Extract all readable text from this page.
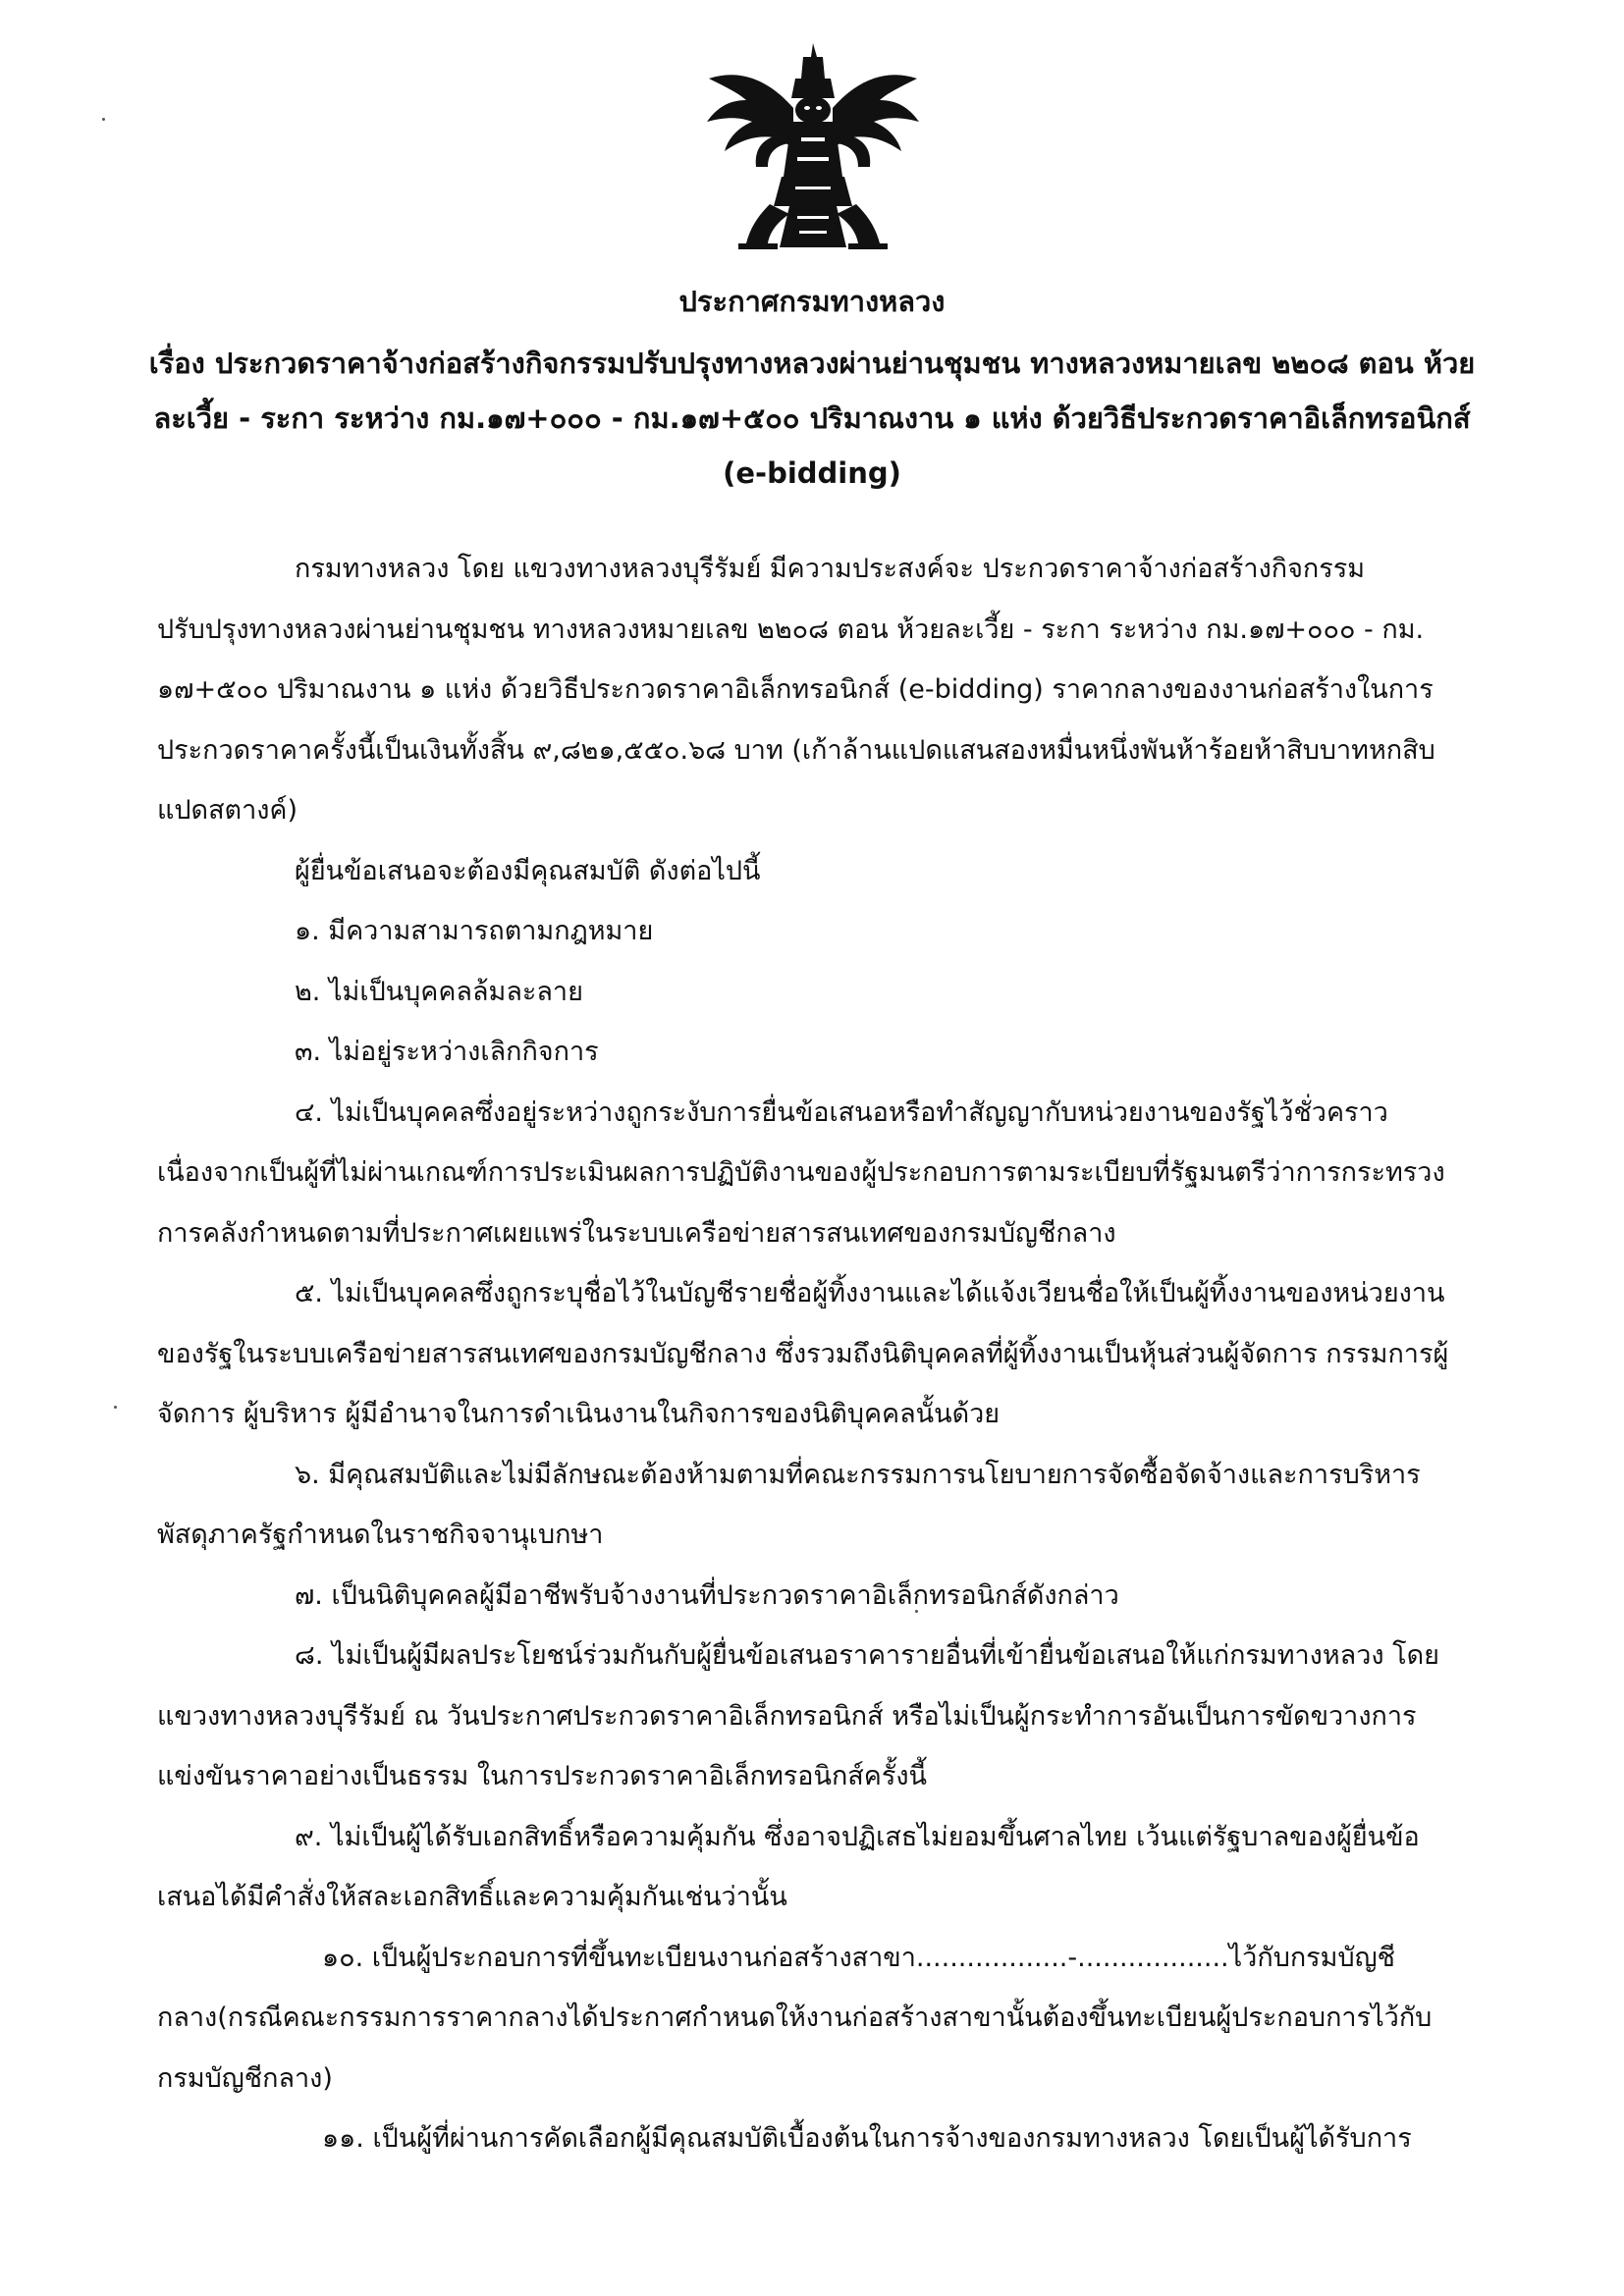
ประกาศกรมทางหลวง
เรื่อง ประกวดราคาจ้างก่อสร้างกิจกรรมปรับปรุงทางหลวงผ่านย่านชุมชน ทางหลวงหมายเลข ๒๒๐๘ ตอน ห้วย
ละเวี้ย - ระกา ระหว่าง กม.๑๗+๐๐๐ - กม.๑๗+๕๐๐ ปริมาณงาน ๑ แห่ง ด้วยวิธีประกวดราคาอิเล็กทรอนิกส์
(e-bidding)
กรมทางหลวง โดย แขวงทางหลวงบุรีรัมย์ มีความประสงค์จะ ประกวดราคาจ้างก่อสร้างกิจกรรม
ปรับปรุงทางหลวงผ่านย่านชุมชน ทางหลวงหมายเลข ๒๒๐๘ ตอน ห้วยละเวี้ย - ระกา ระหว่าง กม.๑๗+๐๐๐ - กม.
๑๗+๕๐๐ ปริมาณงาน ๑ แห่ง ด้วยวิธีประกวดราคาอิเล็กทรอนิกส์ (e-bidding) ราคากลางของงานก่อสร้างในการ
ประกวดราคาครั้งนี้เป็นเงินทั้งสิ้น ๙,๘๒๑,๕๕๐.๖๘ บาท (เก้าล้านแปดแสนสองหมื่นหนึ่งพันห้าร้อยห้าสิบบาทหกสิบ
แปดสตางค์)
ผู้ยื่นข้อเสนอจะต้องมีคุณสมบัติ ดังต่อไปนี้
๑. มีความสามารถตามกฎหมาย
๒. ไม่เป็นบุคคลล้มละลาย
๓. ไม่อยู่ระหว่างเลิกกิจการ
๔. ไม่เป็นบุคคลซึ่งอยู่ระหว่างถูกระงับการยื่นข้อเสนอหรือทำสัญญากับหน่วยงานของรัฐไว้ชั่วคราว
เนื่องจากเป็นผู้ที่ไม่ผ่านเกณฑ์การประเมินผลการปฏิบัติงานของผู้ประกอบการตามระเบียบที่รัฐมนตรีว่าการกระทรวง
การคลังกำหนดตามที่ประกาศเผยแพร่ในระบบเครือข่ายสารสนเทศของกรมบัญชีกลาง
๕. ไม่เป็นบุคคลซึ่งถูกระบุชื่อไว้ในบัญชีรายชื่อผู้ทิ้งงานและได้แจ้งเวียนชื่อให้เป็นผู้ทิ้งงานของหน่วยงาน
ของรัฐในระบบเครือข่ายสารสนเทศของกรมบัญชีกลาง ซึ่งรวมถึงนิติบุคคลที่ผู้ทิ้งงานเป็นหุ้นส่วนผู้จัดการ กรรมการผู้
จัดการ ผู้บริหาร ผู้มีอำนาจในการดำเนินงานในกิจการของนิติบุคคลนั้นด้วย
๖. มีคุณสมบัติและไม่มีลักษณะต้องห้ามตามที่คณะกรรมการนโยบายการจัดซื้อจัดจ้างและการบริหาร
พัสดุภาครัฐกำหนดในราชกิจจานุเบกษา
๗. เป็นนิติบุคคลผู้มีอาชีพรับจ้างงานที่ประกวดราคาอิเล็กทรอนิกส์ดังกล่าว
๘. ไม่เป็นผู้มีผลประโยชน์ร่วมกันกับผู้ยื่นข้อเสนอราคารายอื่นที่เข้ายื่นข้อเสนอให้แก่กรมทางหลวง โดย
แขวงทางหลวงบุรีรัมย์ ณ วันประกาศประกวดราคาอิเล็กทรอนิกส์ หรือไม่เป็นผู้กระทำการอันเป็นการขัดขวางการ
แข่งขันราคาอย่างเป็นธรรม ในการประกวดราคาอิเล็กทรอนิกส์ครั้งนี้
๙. ไม่เป็นผู้ได้รับเอกสิทธิ์หรือความคุ้มกัน ซึ่งอาจปฏิเสธไม่ยอมขึ้นศาลไทย เว้นแต่รัฐบาลของผู้ยื่นข้อ
เสนอได้มีคำสั่งให้สละเอกสิทธิ์และความคุ้มกันเช่นว่านั้น
๑๐. เป็นผู้ประกอบการที่ขึ้นทะเบียนงานก่อสร้างสาขา..................-..................ไว้กับกรมบัญชี
กลาง(กรณีคณะกรรมการราคากลางได้ประกาศกำหนดให้งานก่อสร้างสาขานั้นต้องขึ้นทะเบียนผู้ประกอบการไว้กับ
กรมบัญชีกลาง)
๑๑. เป็นผู้ที่ผ่านการคัดเลือกผู้มีคุณสมบัติเบื้องต้นในการจ้างของกรมทางหลวง โดยเป็นผู้ได้รับการ
